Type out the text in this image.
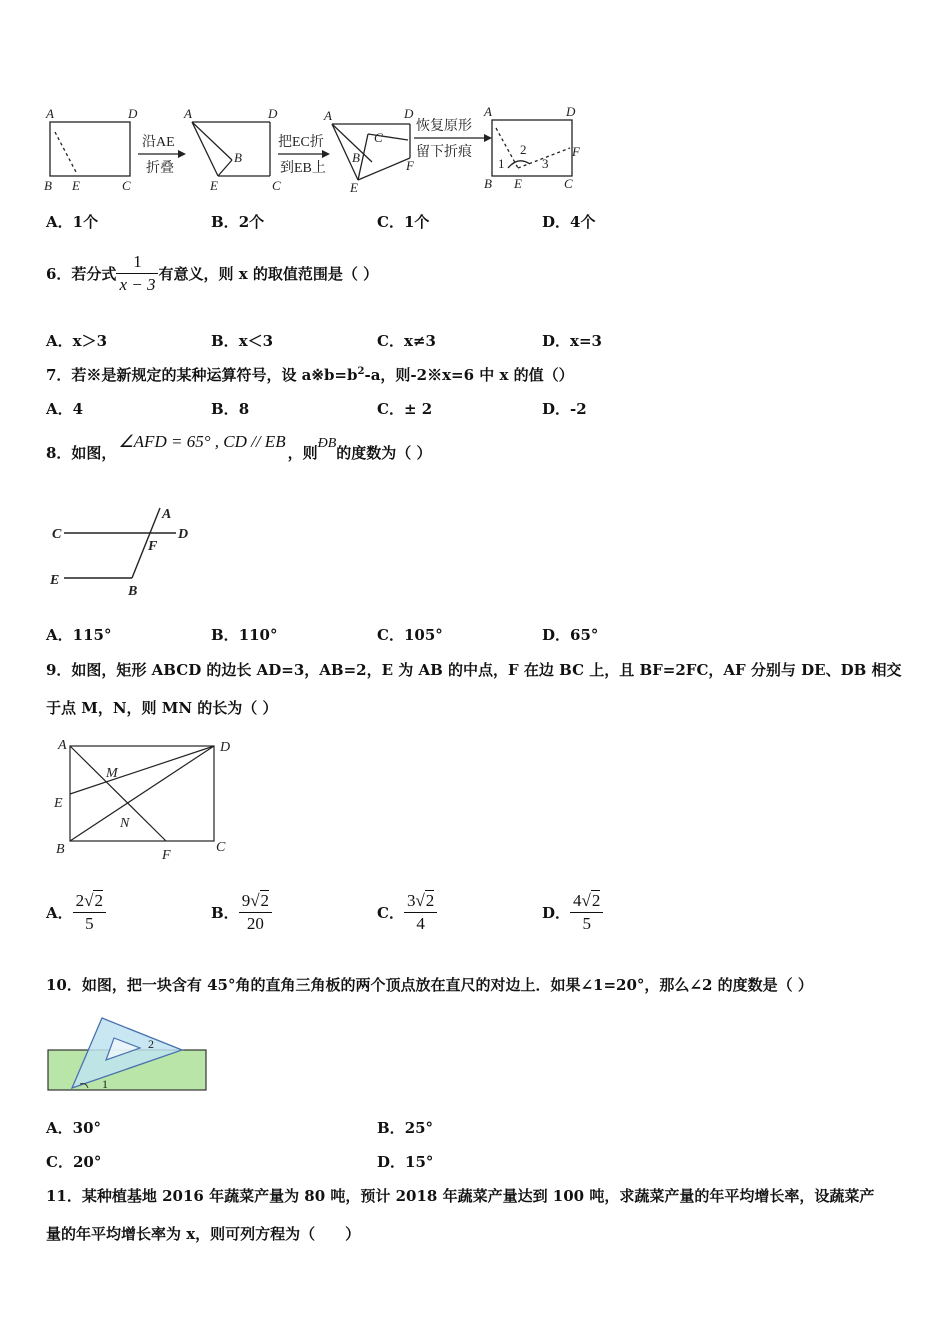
A	D
B E	C
A	D
B
E	C
A	D
C
B
E
F
A	D
F
B E	C
1
2
3
沿AE
折叠
把EC折
到EB上
恢复原形
留下折痕
A．1个	B．2个	C．1个	D．4个
6．若分式 $\frac{1}{x - 3}$ 有意义，则 x 的取值范围是（ ）
A．x＞3	B．x＜3	C．x≠3	D．x=3
7．若※是新规定的某种运算符号，设 $a※b=b^2-a$，则-2※x=6 中 x 的值（）
A．4	B．8	C．± 2	D．-2
8．如图，
∠AFD = 65° , CD // EB
，则 ÐB 的度数为（ ）
C	D
E
B
A
F
A．115°	B．110°	C．105°	D．65°
9．如图，矩形 ABCD 的边长 AD=3，AB=2，E 为 AB 的中点，F 在边 BC 上，且 BF=2FC，AF 分别与 DE、DB 相交
于点 M，N，则 MN 的长为（ ）
A	D
E
B	C
F
M
N
A． $\frac{2√2}{5}$	B． $\frac{9√2}{20}$	C． $\frac{3√2}{4}$	D． $\frac{4√2}{5}$
10．如图，把一块含有 45°角的直角三角板的两个顶点放在直尺的对边上．如果∠1=20°，那么∠2 的度数是（ ）
2
1
A．30°	B．25°
C．20°	D．15°
11．某种植基地 2016 年蔬菜产量为 80 吨，预计 2018 年蔬菜产量达到 100 吨，求蔬菜产量的年平均增长率，设蔬菜产
量的年平均增长率为 x，则可列方程为（　　）
